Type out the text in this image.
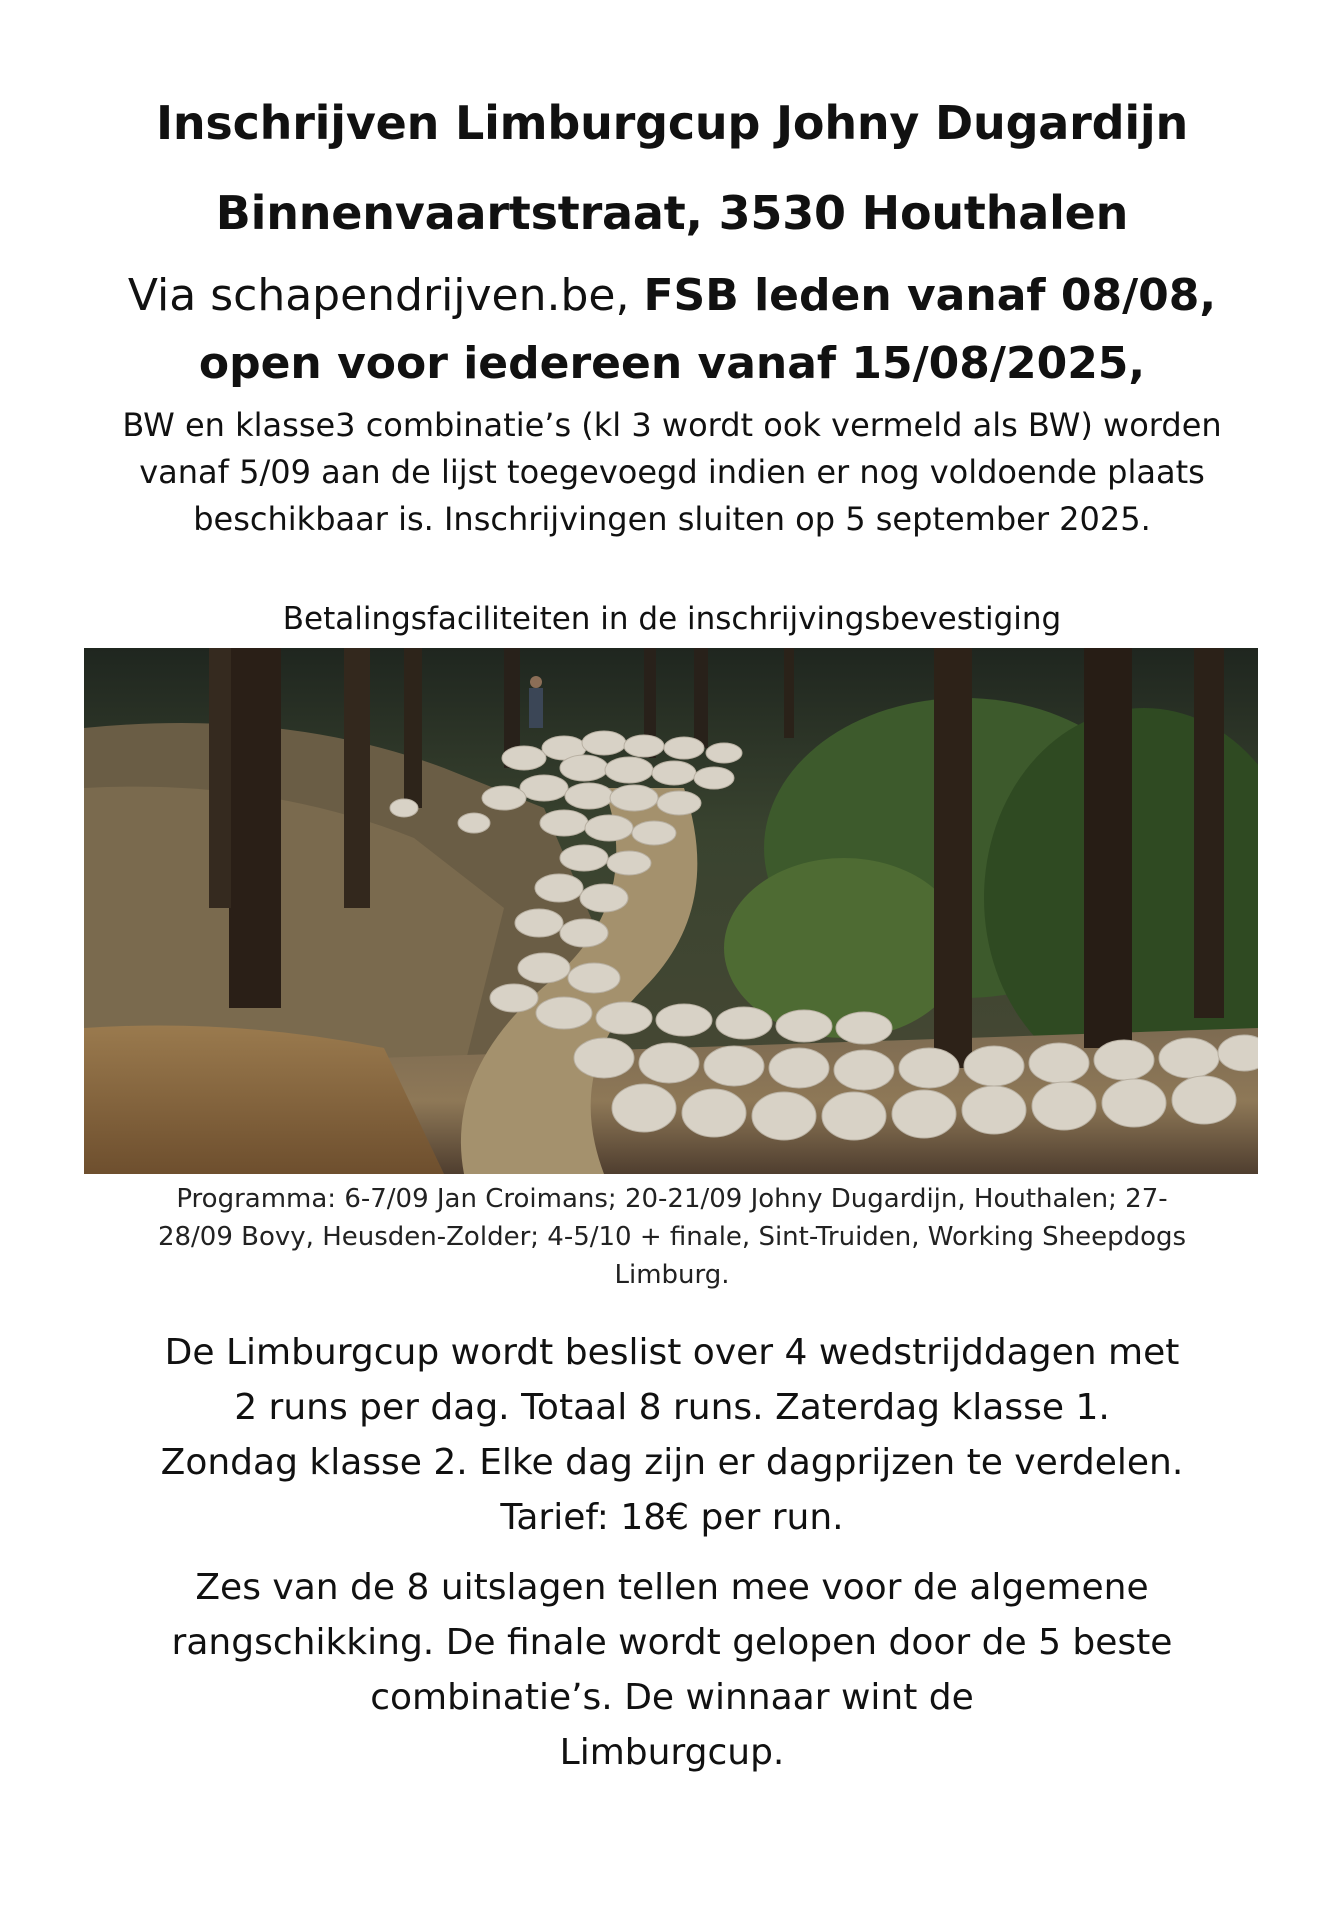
Inschrijven Limburgcup Johny Dugardijn
Binnenvaartstraat, 3530 Houthalen
Via schapendrijven.be, FSB leden vanaf 08/08,
open voor iedereen vanaf 15/08/2025,
BW en klasse3 combinatie’s (kl 3 wordt ook vermeld als BW) worden
vanaf 5/09 aan de lijst toegevoegd indien er nog voldoende plaats
beschikbaar is. Inschrijvingen sluiten op 5 september 2025.
Betalingsfaciliteiten in de inschrijvingsbevestiging
Programma: 6-7/09 Jan Croimans; 20-21/09 Johny Dugardijn, Houthalen; 27-
28/09 Bovy, Heusden-Zolder; 4-5/10 + finale, Sint-Truiden, Working Sheepdogs
Limburg.
De Limburgcup wordt beslist over 4 wedstrijddagen met
2 runs per dag. Totaal 8 runs. Zaterdag klasse 1.
Zondag klasse 2. Elke dag zijn er dagprijzen te verdelen.
Tarief: 18€ per run.
Zes van de 8 uitslagen tellen mee voor de algemene
rangschikking. De finale wordt gelopen door de 5 beste
combinatie’s. De winnaar wint de
Limburgcup.
